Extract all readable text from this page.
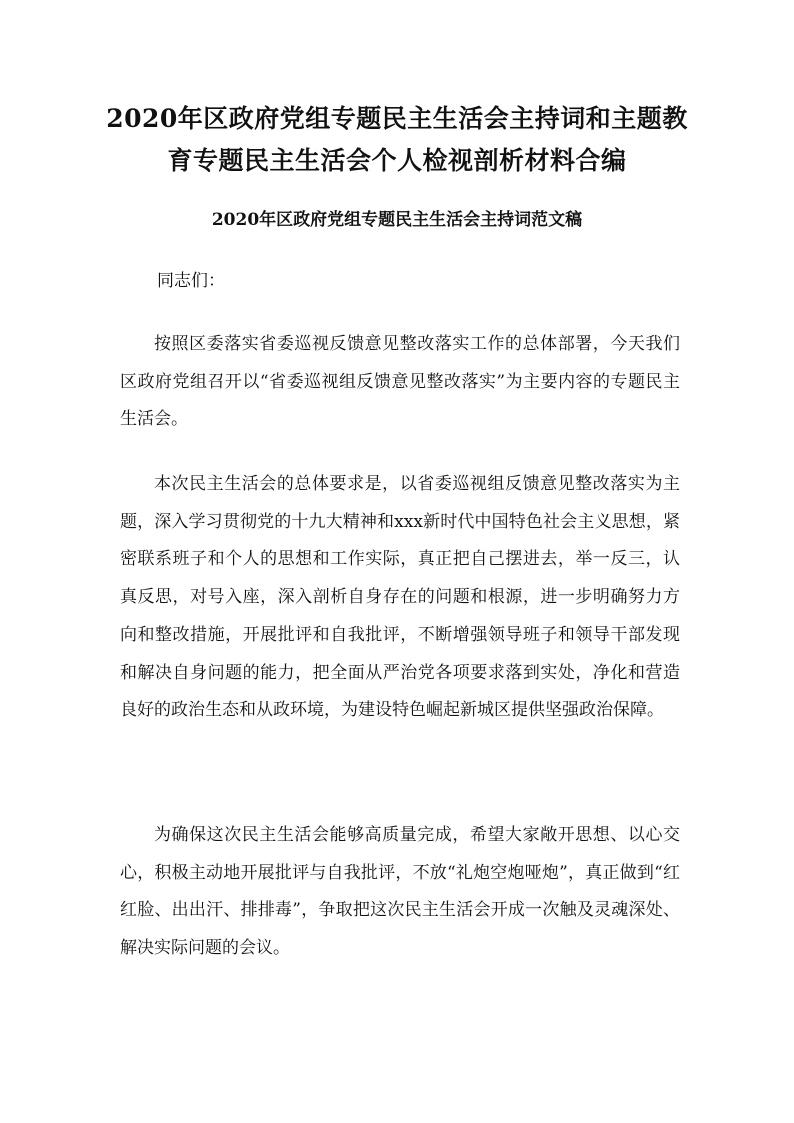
2020年区政府党组专题民主生活会主持词和主题教
育专题民主生活会个人检视剖析材料合编
2020年区政府党组专题民主生活会主持词范文稿

同志们：

按照区委落实省委巡视反馈意见整改落实工作的总体部署，今天我们区政府党组召开以“省委巡视组反馈意见整改落实”为主要内容的专题民主生活会。

本次民主生活会的总体要求是，以省委巡视组反馈意见整改落实为主题，深入学习贯彻党的十九大精神和xxx新时代中国特色社会主义思想，紧密联系班子和个人的思想和工作实际，真正把自己摆进去，举一反三，认真反思，对号入座，深入剖析自身存在的问题和根源，进一步明确努力方向和整改措施，开展批评和自我批评，不断增强领导班子和领导干部发现和解决自身问题的能力，把全面从严治党各项要求落到实处，净化和营造良好的政治生态和从政环境，为建设特色崛起新城区提供坚强政治保障。

为确保这次民主生活会能够高质量完成，希望大家敞开思想、以心交心，积极主动地开展批评与自我批评，不放“礼炮空炮哑炮”，真正做到“红红脸、出出汗、排排毒”，争取把这次民主生活会开成一次触及灵魂深处、解决实际问题的会议。
